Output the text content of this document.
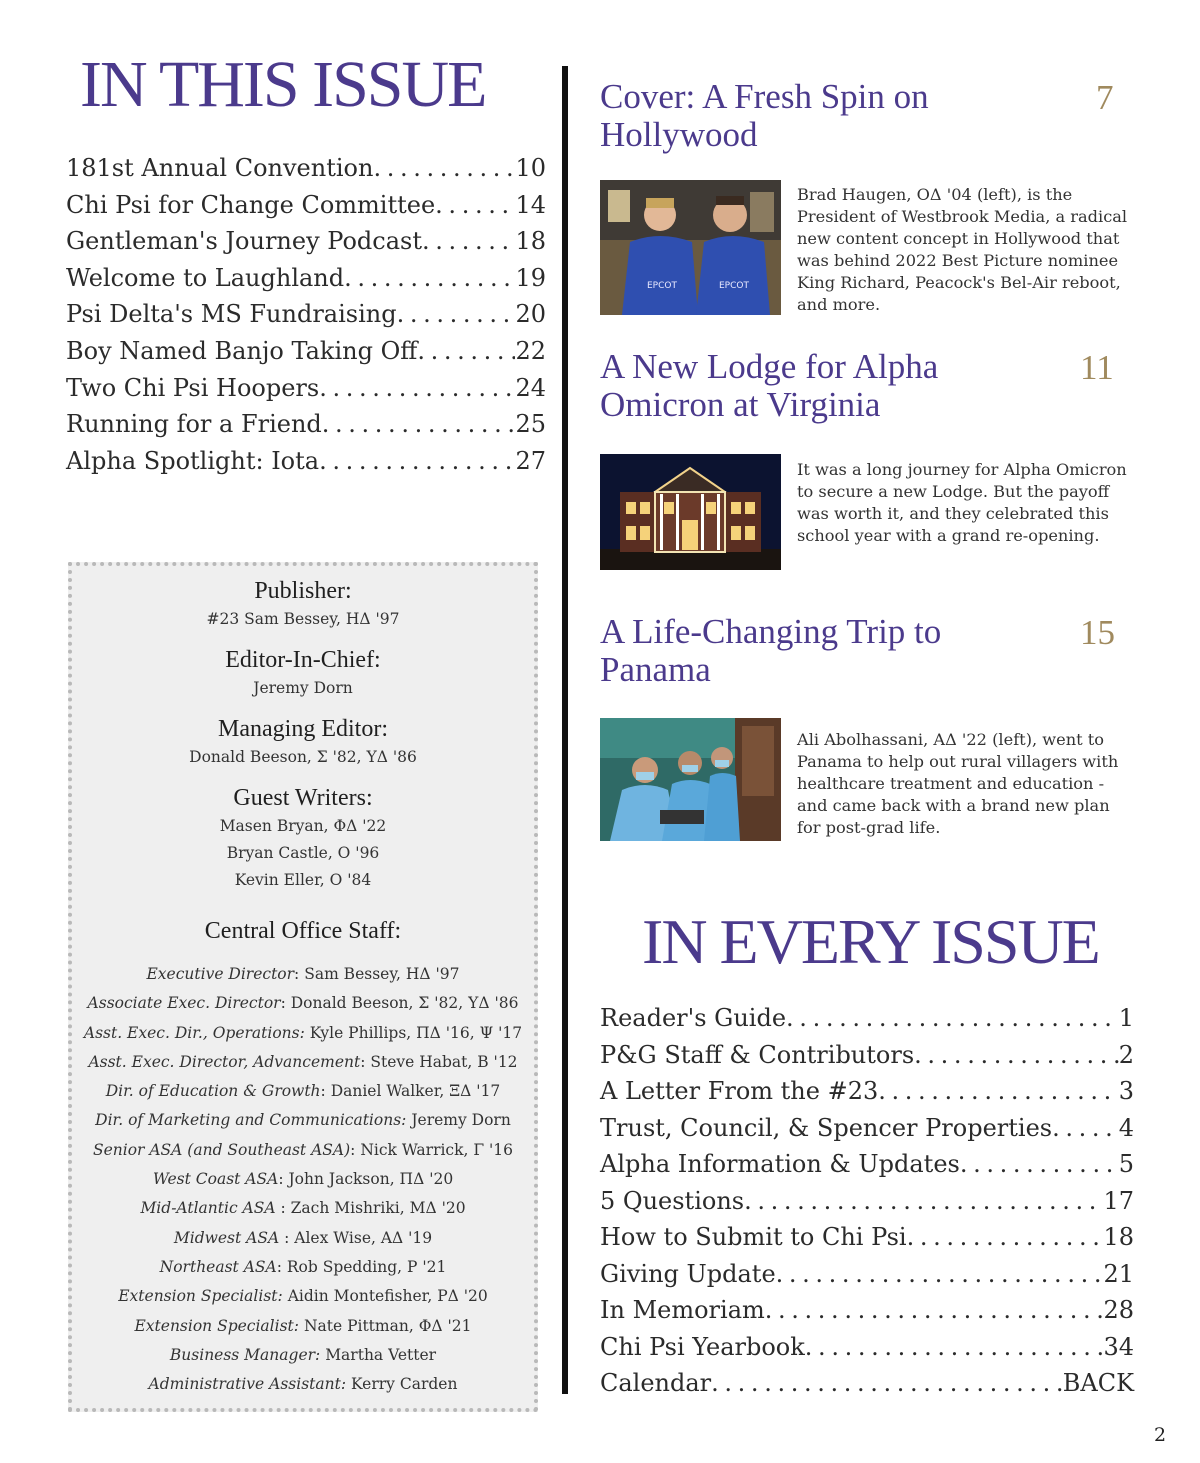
IN THIS ISSUE
181st Annual Convention . . .	10
Chi Psi for Change Committee . . .	14
Gentleman's Journey Podcast . . .	18
Welcome to Laughland . . .	19
Psi Delta's MS Fundraising . . .	20
Boy Named Banjo Taking Off . . .	22
Two Chi Psi Hoopers . . .	24
Running for a Friend . . .	25
Alpha Spotlight: Iota . . .	27
Publisher:
#23 Sam Bessey, ΗΔ '97
Editor-In-Chief:
Jeremy Dorn
Managing Editor:
Donald Beeson, Σ '82, ΥΔ '86
Guest Writers:
Masen Bryan, ΦΔ '22
Bryan Castle, Ο '96
Kevin Eller, Ο '84
Central Office Staff:
Executive Director: Sam Bessey, ΗΔ '97
Associate Exec. Director: Donald Beeson, Σ '82, ΥΔ '86
Asst. Exec. Dir., Operations: Kyle Phillips, ΠΔ '16, Ψ '17
Asst. Exec. Director, Advancement: Steve Habat, Β '12
Dir. of Education & Growth: Daniel Walker, ΞΔ '17
Dir. of Marketing and Communications: Jeremy Dorn
Senior ASA (and Southeast ASA): Nick Warrick, Γ '16
West Coast ASA: John Jackson, ΠΔ '20
Mid-Atlantic ASA : Zach Mishriki, ΜΔ '20
Midwest ASA : Alex Wise, ΑΔ '19
Northeast ASA: Rob Spedding, Ρ '21
Extension Specialist: Aidin Montefisher, ΡΔ '20
Extension Specialist: Nate Pittman, ΦΔ '21
Business Manager: Martha Vetter
Administrative Assistant: Kerry Carden
Cover: A Fresh Spin on Hollywood
7
EPCOT	EPCOT
Brad Haugen, ΟΔ '04 (left), is the President of Westbrook Media, a radical new content concept in Hollywood that was behind 2022 Best Picture nominee King Richard, Peacock's Bel-Air reboot, and more.
A New Lodge for Alpha Omicron at Virginia
11
It was a long journey for Alpha Omicron to secure a new Lodge. But the payoff was worth it, and they celebrated this school year with a grand re-opening.
A Life-Changing Trip to Panama
15
Ali Abolhassani, ΑΔ '22 (left), went to Panama to help out rural villagers with healthcare treatment and education - and came back with a brand new plan for post-grad life.
IN EVERY ISSUE
Reader's Guide . . .	1
P&G Staff & Contributors . . .	2
A Letter From the #23 . . .	3
Trust, Council, & Spencer Properties . . .	4
Alpha Information & Updates . . .	5
5 Questions . . .	17
How to Submit to Chi Psi . . .	18
Giving Update . . .	21
In Memoriam . . .	28
Chi Psi Yearbook . . .	34
Calendar . . .	BACK
2
